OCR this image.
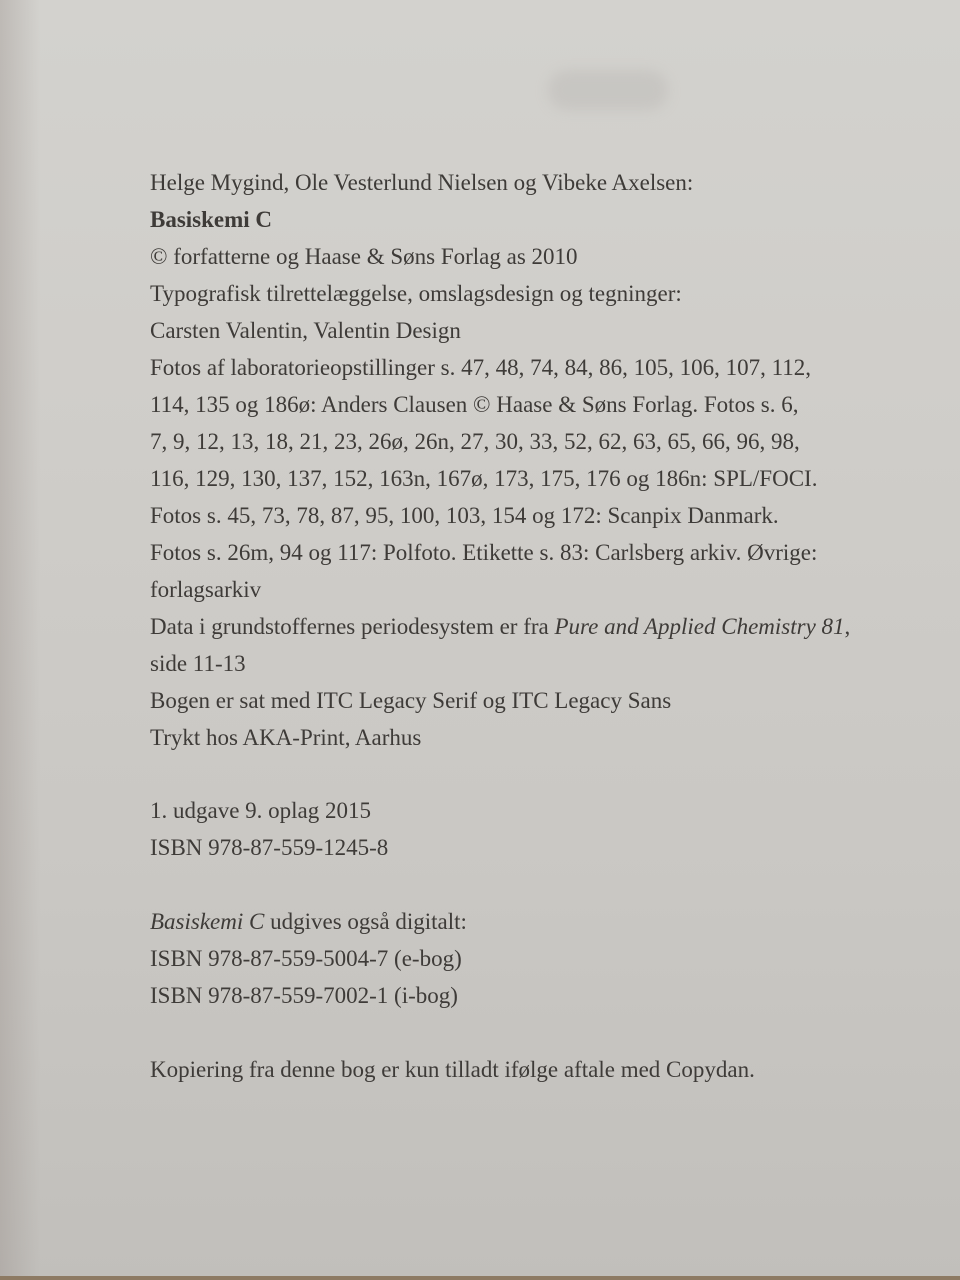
Helge Mygind, Ole Vesterlund Nielsen og Vibeke Axelsen:
Basiskemi C
© forfatterne og Haase & Søns Forlag as 2010
Typografisk tilrettelæggelse, omslagsdesign og tegninger:
Carsten Valentin, Valentin Design
Fotos af laboratorieopstillinger s. 47, 48, 74, 84, 86, 105, 106, 107, 112,
114, 135 og 186ø: Anders Clausen © Haase & Søns Forlag. Fotos s. 6,
7, 9, 12, 13, 18, 21, 23, 26ø, 26n, 27, 30, 33, 52, 62, 63, 65, 66, 96, 98,
116, 129, 130, 137, 152, 163n, 167ø, 173, 175, 176 og 186n: SPL/FOCI.
Fotos s. 45, 73, 78, 87, 95, 100, 103, 154 og 172: Scanpix Danmark.
Fotos s. 26m, 94 og 117: Polfoto. Etikette s. 83: Carlsberg arkiv. Øvrige:
forlagsarkiv
Data i grundstoffernes periodesystem er fra Pure and Applied Chemistry 81,
side 11-13
Bogen er sat med ITC Legacy Serif og ITC Legacy Sans
Trykt hos AKA-Print, Aarhus
1. udgave 9. oplag 2015
ISBN 978-87-559-1245-8
Basiskemi C udgives også digitalt:
ISBN 978-87-559-5004-7 (e-bog)
ISBN 978-87-559-7002-1 (i-bog)
Kopiering fra denne bog er kun tilladt ifølge aftale med Copydan.
